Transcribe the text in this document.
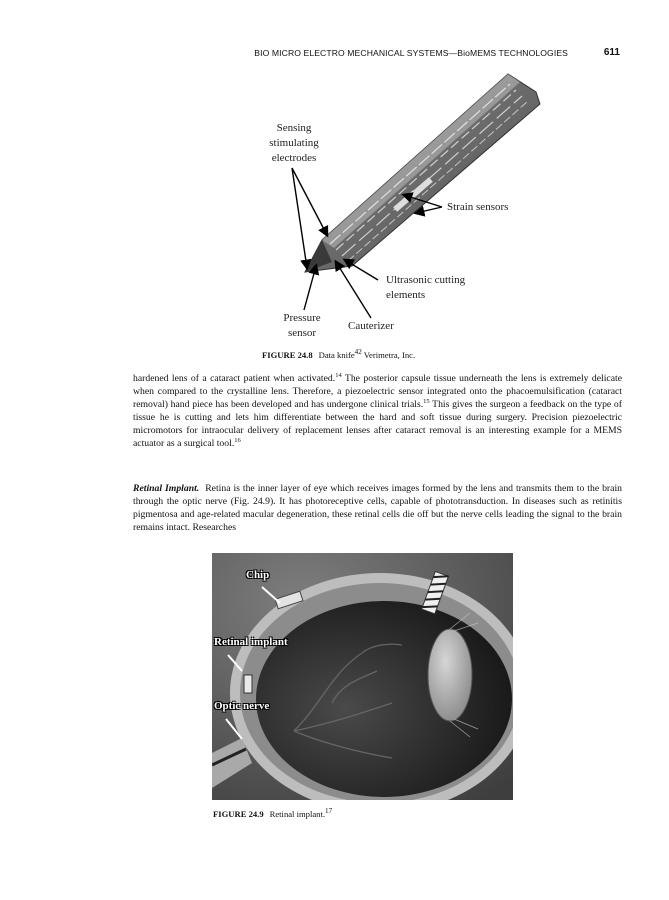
BIO MICRO ELECTRO MECHANICAL SYSTEMS—BioMEMS TECHNOLOGIES	611
Sensing
stimulating
electrodes
Strain sensors
Ultrasonic cutting
elements
Pressure
sensor
Cauterizer
FIGURE 24.8 Data knife$^{42}$ Verimetra, Inc.

hardened lens of a cataract patient when activated.$^{14}$ The posterior capsule tissue underneath the lens is extremely delicate when compared to the crystalline lens. Therefore, a piezoelectric sensor integrated onto the phacoemulsification (cataract removal) hand piece has been developed and has undergone clinical trials.$^{15}$ This gives the surgeon a feedback on the type of tissue he is cutting and lets him differentiate between the hard and soft tissue during surgery. Precision piezoelectric micromotors for intraocular delivery of replacement lenses after cataract removal is an interesting example for a MEMS actuator as a surgical tool.$^{16}$

Retinal Implant. Retina is the inner layer of eye which receives images formed by the lens and transmits them to the brain through the optic nerve (Fig. 24.9). It has photoreceptive cells, capable of phototransduction. In diseases such as retinitis pigmentosa and age-related macular degeneration, these retinal cells die off but the nerve cells leading the signal to the brain remains intact. Researches

Chip
Retinal implant
Optic nerve
FIGURE 24.9 Retinal implant.$^{17}$
